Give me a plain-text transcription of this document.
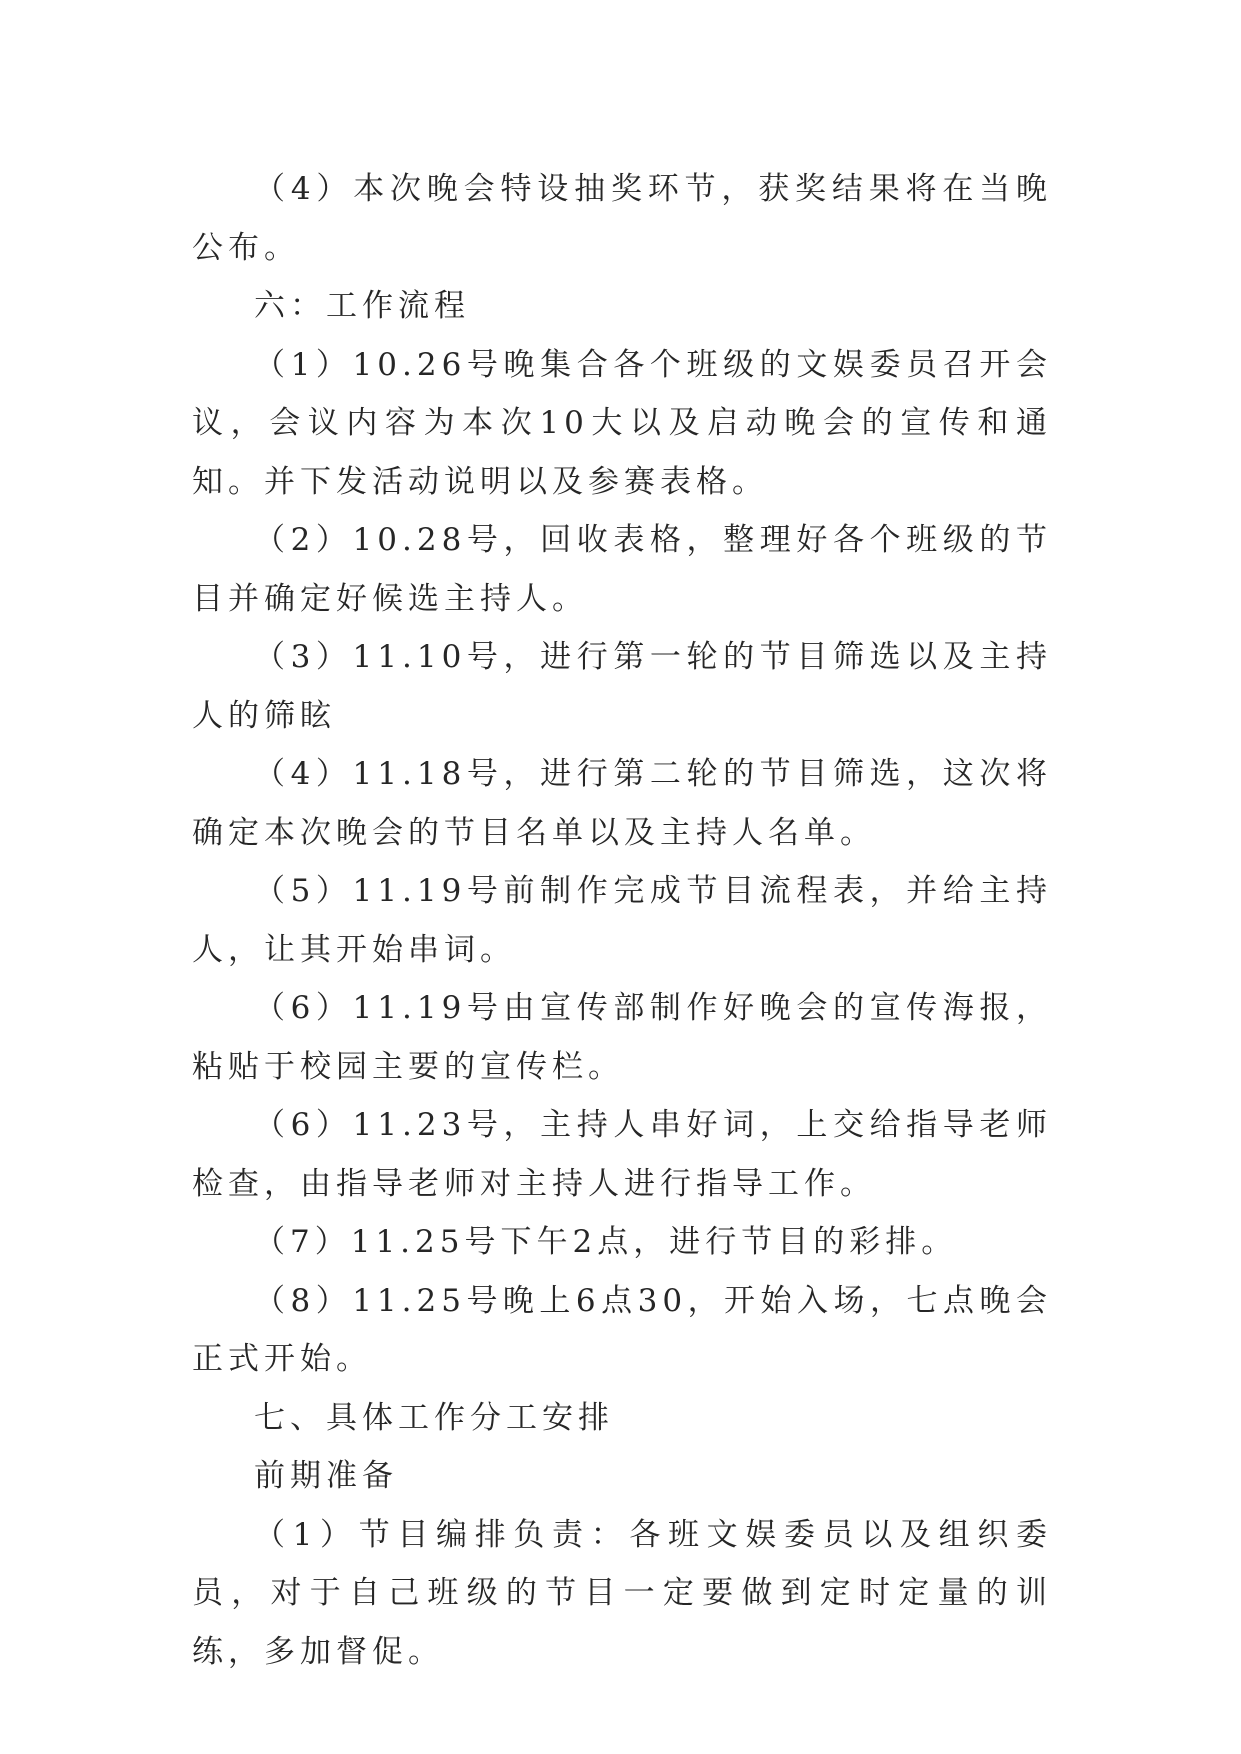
（4）本次晚会特设抽奖环节，获奖结果将在当晚公布。

六：工作流程

（1）10.26号晚集合各个班级的文娱委员召开会议，会议内容为本次10大以及启动晚会的宣传和通知。并下发活动说明以及参赛表格。

（2）10.28号，回收表格，整理好各个班级的节目并确定好候选主持人。

（3）11.10号，进行第一轮的节目筛选以及主持人的筛眩

（4）11.18号，进行第二轮的节目筛选，这次将确定本次晚会的节目名单以及主持人名单。

（5）11.19号前制作完成节目流程表，并给主持人，让其开始串词。

（6）11.19号由宣传部制作好晚会的宣传海报，粘贴于校园主要的宣传栏。

（6）11.23号，主持人串好词，上交给指导老师检查，由指导老师对主持人进行指导工作。

（7）11.25号下午2点，进行节目的彩排。

（8）11.25号晚上6点30，开始入场，七点晚会正式开始。

七、具体工作分工安排

前期准备

（1）节目编排负责：各班文娱委员以及组织委员，对于自己班级的节目一定要做到定时定量的训练，多加督促。
